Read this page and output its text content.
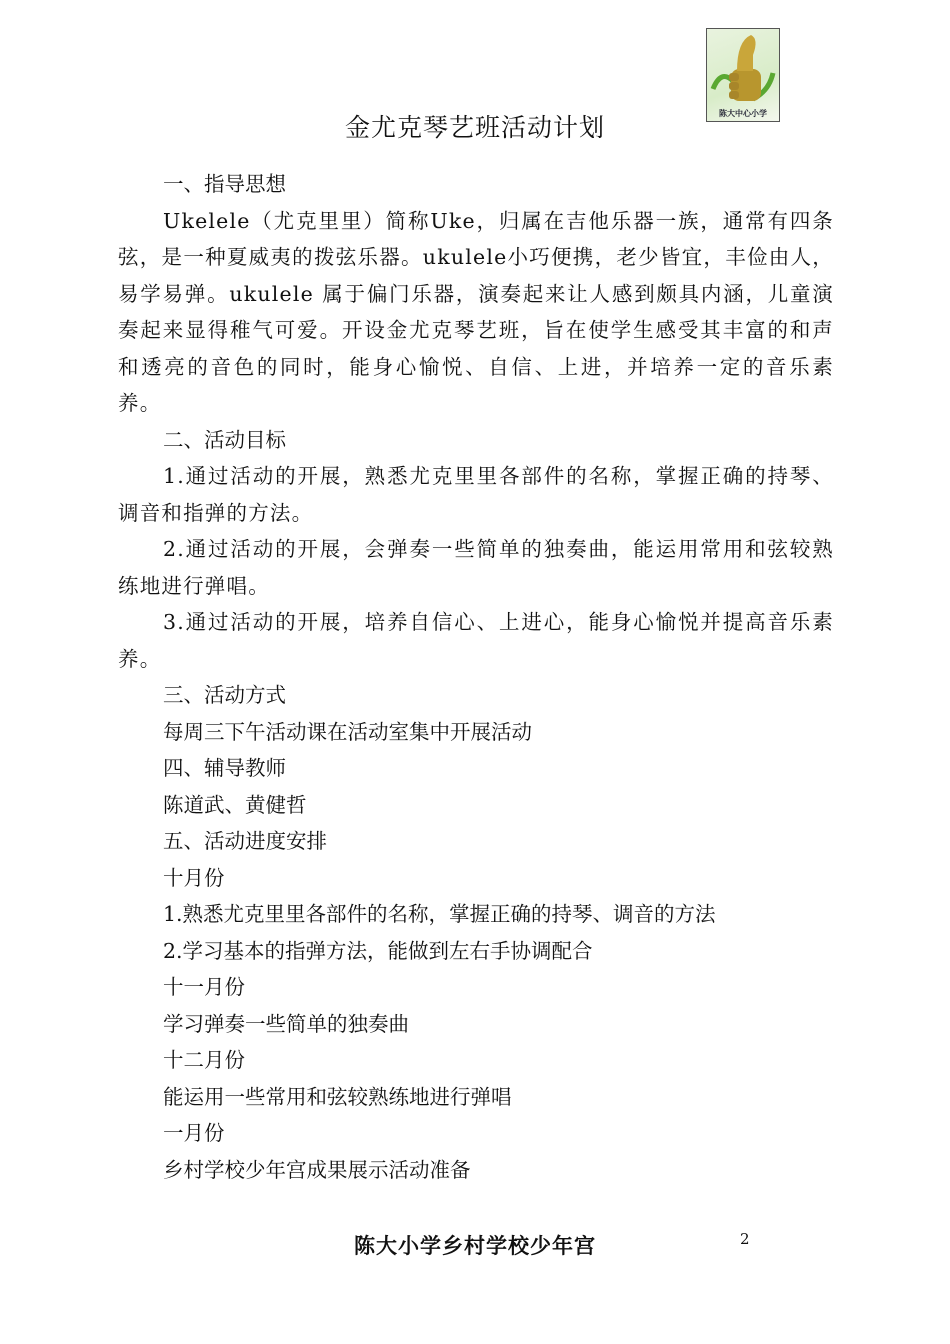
陈大中心小学
金尤克琴艺班活动计划

一、指导思想

Ukelele（尤克里里）简称Uke，归属在吉他乐器一族，通常有四条弦，是一种夏威夷的拨弦乐器。ukulele小巧便携，老少皆宜，丰俭由人，易学易弹。ukulele 属于偏门乐器，演奏起来让人感到颇具内涵，儿童演奏起来显得稚气可爱。开设金尤克琴艺班，旨在使学生感受其丰富的和声和透亮的音色的同时，能身心愉悦、自信、上进，并培养一定的音乐素养。

二、活动目标

1.通过活动的开展，熟悉尤克里里各部件的名称，掌握正确的持琴、调音和指弹的方法。

2.通过活动的开展，会弹奏一些简单的独奏曲，能运用常用和弦较熟练地进行弹唱。

3.通过活动的开展，培养自信心、上进心，能身心愉悦并提高音乐素养。

三、活动方式

每周三下午活动课在活动室集中开展活动

四、辅导教师

陈道武、黄健哲

五、活动进度安排

十月份

1.熟悉尤克里里各部件的名称，掌握正确的持琴、调音的方法

2.学习基本的指弹方法，能做到左右手协调配合

十一月份

学习弹奏一些简单的独奏曲

十二月份

能运用一些常用和弦较熟练地进行弹唱

一月份

乡村学校少年宫成果展示活动准备

陈大小学乡村学校少年宫	2
